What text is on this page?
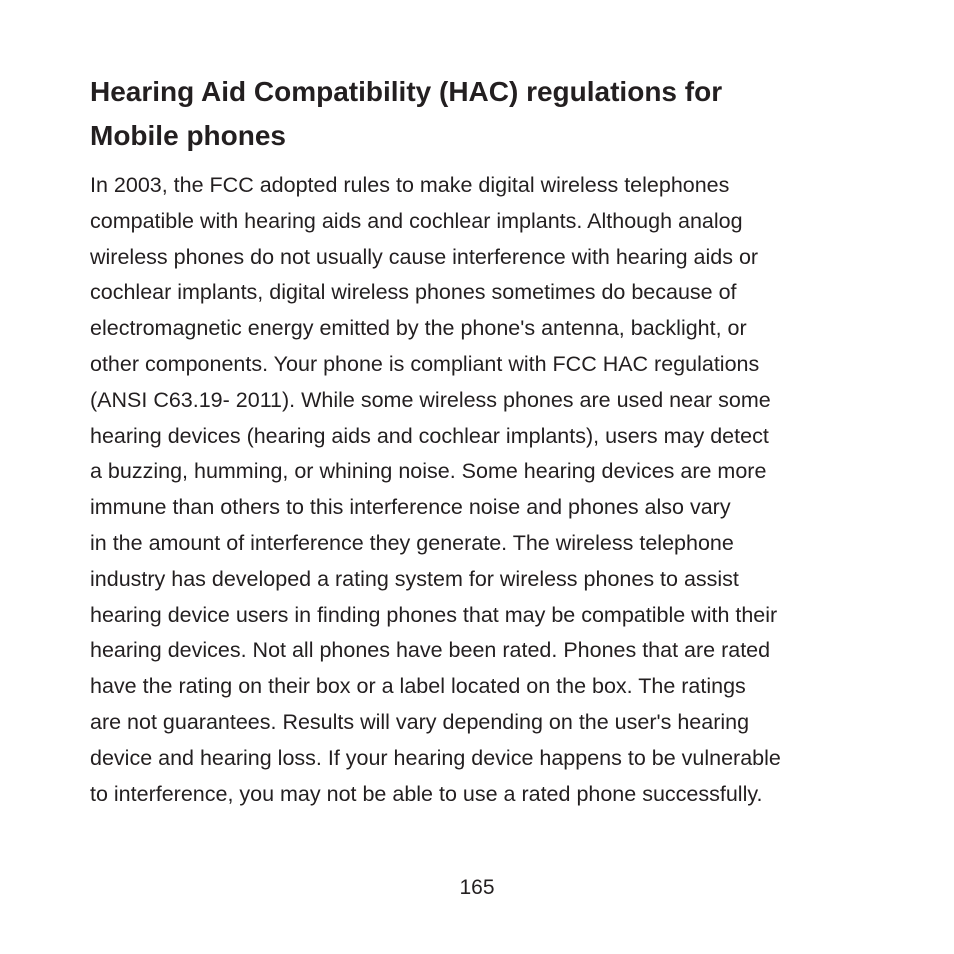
Hearing Aid Compatibility (HAC) regulations for
Mobile phones
In 2003, the FCC adopted rules to make digital wireless telephones
compatible with hearing aids and cochlear implants. Although analog
wireless phones do not usually cause interference with hearing aids or
cochlear implants, digital wireless phones sometimes do because of
electromagnetic energy emitted by the phone's antenna, backlight, or
other components. Your phone is compliant with FCC HAC regulations
(ANSI C63.19- 2011). While some wireless phones are used near some
hearing devices (hearing aids and cochlear implants), users may detect
a buzzing, humming, or whining noise. Some hearing devices are more
immune than others to this interference noise and phones also vary
in the amount of interference they generate. The wireless telephone
industry has developed a rating system for wireless phones to assist
hearing device users in finding phones that may be compatible with their
hearing devices. Not all phones have been rated. Phones that are rated
have the rating on their box or a label located on the box. The ratings
are not guarantees. Results will vary depending on the user's hearing
device and hearing loss. If your hearing device happens to be vulnerable
to interference, you may not be able to use a rated phone successfully.
165
